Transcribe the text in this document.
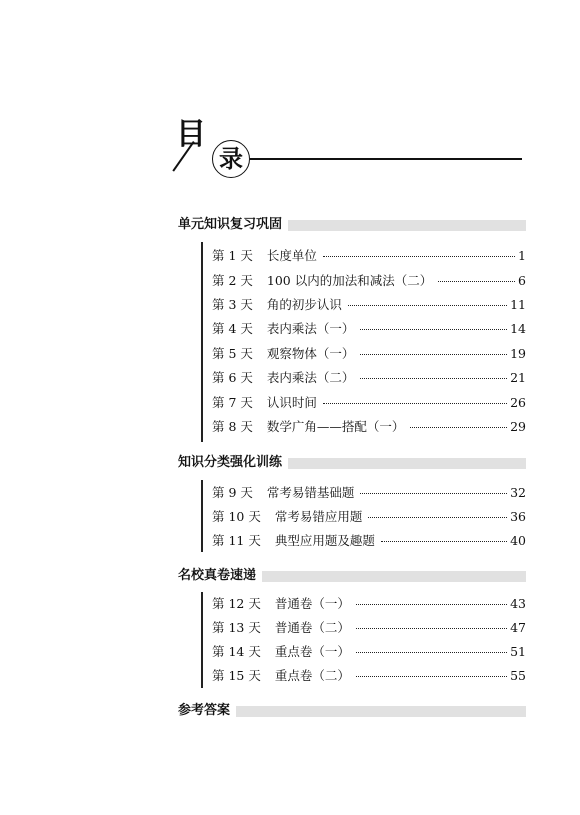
目
录
单元知识复习巩固
第 1 天 长度单位	1
第 2 天 100 以内的加法和减法（二）	6
第 3 天 角的初步认识	11
第 4 天 表内乘法（一）	14
第 5 天 观察物体（一）	19
第 6 天 表内乘法（二）	21
第 7 天 认识时间	26
第 8 天 数学广角——搭配（一）	29
知识分类强化训练
第 9 天 常考易错基础题	32
第 10 天 常考易错应用题	36
第 11 天 典型应用题及趣题	40
名校真卷速递
第 12 天 普通卷（一）	43
第 13 天 普通卷（二）	47
第 14 天 重点卷（一）	51
第 15 天 重点卷（二）	55
参考答案
